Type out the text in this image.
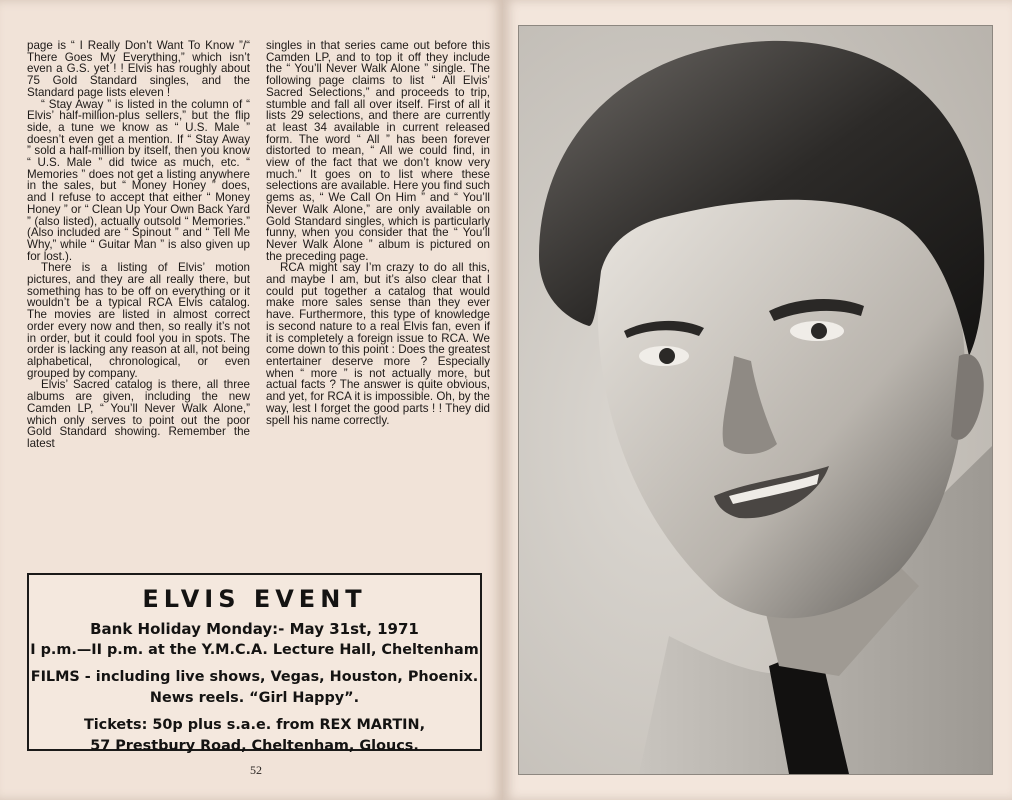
page is “ I Really Don’t Want To Know ”/“ There Goes My Everything,” which isn’t even a G.S. yet ! ! Elvis has roughly about 75 Gold Standard singles, and the Standard page lists eleven !

“ Stay Away ” is listed in the column of “ Elvis’ half-million-plus sellers,” but the flip side, a tune we know as “ U.S. Male ” doesn’t even get a mention. If “ Stay Away ” sold a half-million by itself, then you know “ U.S. Male ” did twice as much, etc. “ Memories ” does not get a listing anywhere in the sales, but “ Money Honey ” does, and I refuse to accept that either “ Money Honey ” or “ Clean Up Your Own Back Yard ” (also listed), actually outsold “ Memories.” (Also included are “ Spinout ” and “ Tell Me Why,” while “ Guitar Man ” is also given up for lost.).

There is a listing of Elvis’ motion pictures, and they are all really there, but something has to be off on everything or it wouldn’t be a typical RCA Elvis catalog. The movies are listed in almost correct order every now and then, so really it’s not in order, but it could fool you in spots. The order is lacking any reason at all, not being alphabetical, chronological, or even grouped by company.

Elvis’ Sacred catalog is there, all three albums are given, including the new Camden LP, “ You’ll Never Walk Alone,” which only serves to point out the poor Gold Standard showing. Remember the latest

singles in that series came out before this Camden LP, and to top it off they include the “ You’ll Never Walk Alone ” single. The following page claims to list “ All Elvis’ Sacred Selections,” and proceeds to trip, stumble and fall all over itself. First of all it lists 29 selections, and there are currently at least 34 available in current released form. The word “ All ” has been forever distorted to mean, “ All we could find, in view of the fact that we don’t know very much.” It goes on to list where these selections are available. Here you find such gems as, “ We Call On Him ” and “ You’ll Never Walk Alone,” are only available on Gold Standard singles, which is particularly funny, when you consider that the “ You’ll Never Walk Alone ” album is pictured on the preceding page.

RCA might say I’m crazy to do all this, and maybe I am, but it’s also clear that I could put together a catalog that would make more sales sense than they ever have. Furthermore, this type of knowledge is second nature to a real Elvis fan, even if it is completely a foreign issue to RCA. We come down to this point : Does the greatest entertainer deserve more ? Especially when “ more ” is not actually more, but actual facts ? The answer is quite obvious, and yet, for RCA it is impossible. Oh, by the way, lest I forget the good parts ! ! They did spell his name correctly.

ELVIS EVENT
Bank Holiday Monday:- May 31st, 1971
I p.m.—II p.m. at the Y.M.C.A. Lecture Hall, Cheltenham
FILMS - including live shows, Vegas, Houston, Phoenix.
News reels. “Girl Happy”.
Tickets: 50p plus s.a.e. from REX MARTIN,
57 Prestbury Road, Cheltenham, Gloucs.
52
